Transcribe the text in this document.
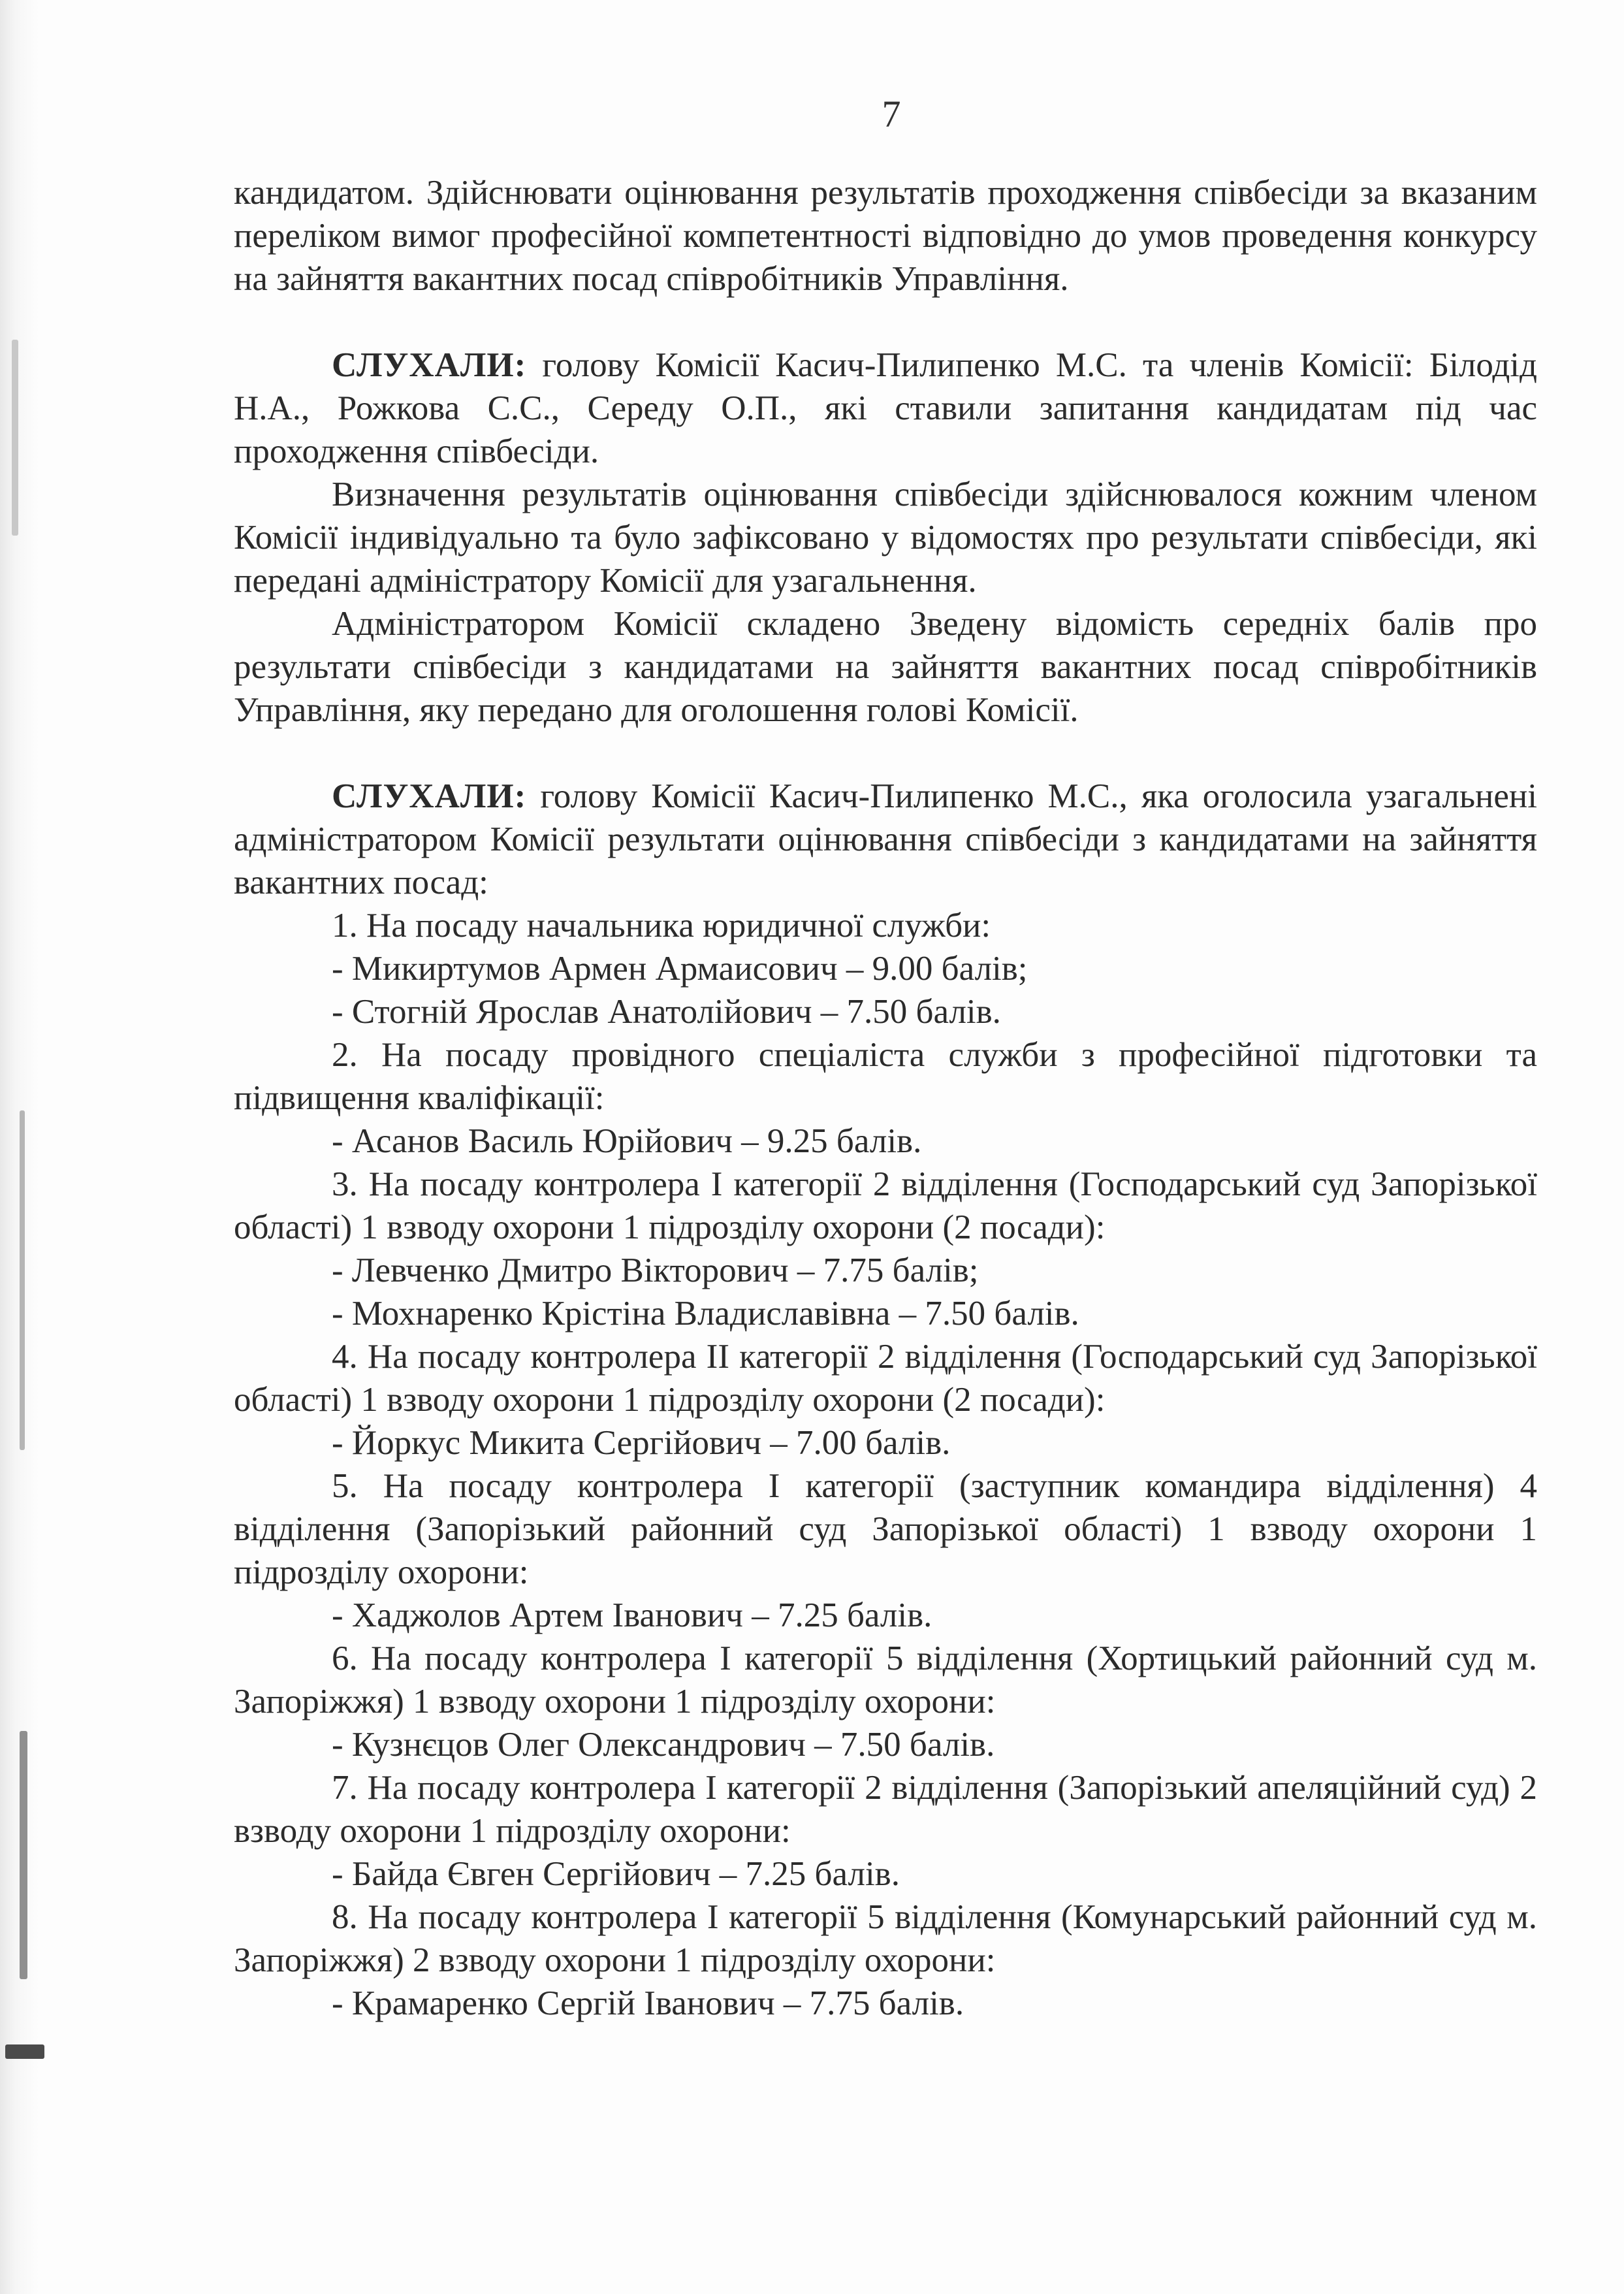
7

кандидатом. Здійснювати оцінювання результатів проходження співбесіди за вказаним переліком вимог професійної компетентності відповідно до умов проведення конкурсу на зайняття вакантних посад співробітників Управління.

СЛУХАЛИ: голову Комісії Касич-Пилипенко М.С. та членів Комісії: Білодід Н.А., Рожкова С.С., Середу О.П., які ставили запитання кандидатам під час проходження співбесіди.

Визначення результатів оцінювання співбесіди здійснювалося кожним членом Комісії індивідуально та було зафіксовано у відомостях про результати співбесіди, які передані адміністратору Комісії для узагальнення.

Адміністратором Комісії складено Зведену відомість середніх балів про результати співбесіди з кандидатами на зайняття вакантних посад співробітників Управління, яку передано для оголошення голові Комісії.

СЛУХАЛИ: голову Комісії Касич-Пилипенко М.С., яка оголосила узагальнені адміністратором Комісії результати оцінювання співбесіди з кандидатами на зайняття вакантних посад:

1. На посаду начальника юридичної служби:

- Микиртумов Армен Армаисович – 9.00 балів;

- Стогній Ярослав Анатолійович – 7.50 балів.

2. На посаду провідного спеціаліста служби з професійної підготовки та підвищення кваліфікації:

- Асанов Василь Юрійович – 9.25 балів.

3. На посаду контролера I категорії 2 відділення (Господарський суд Запорізької області) 1 взводу охорони 1 підрозділу охорони (2 посади):

- Левченко Дмитро Вікторович – 7.75 балів;

- Мохнаренко Крістіна Владиславівна – 7.50 балів.

4. На посаду контролера II категорії 2 відділення (Господарський суд Запорізької області) 1 взводу охорони 1 підрозділу охорони (2 посади):

- Йоркус Микита Сергійович – 7.00 балів.

5. На посаду контролера I категорії (заступник командира відділення) 4 відділення (Запорізький районний суд Запорізької області) 1 взводу охорони 1 підрозділу охорони:

- Хаджолов Артем Іванович – 7.25 балів.

6. На посаду контролера I категорії 5 відділення (Хортицький районний суд м. Запоріжжя) 1 взводу охорони 1 підрозділу охорони:

- Кузнєцов Олег Олександрович – 7.50 балів.

7. На посаду контролера I категорії 2 відділення (Запорізький апеляційний суд) 2 взводу охорони 1 підрозділу охорони:

- Байда Євген Сергійович – 7.25 балів.

8. На посаду контролера I категорії 5 відділення (Комунарський районний суд м. Запоріжжя) 2 взводу охорони 1 підрозділу охорони:

- Крамаренко Сергій Іванович – 7.75 балів.
